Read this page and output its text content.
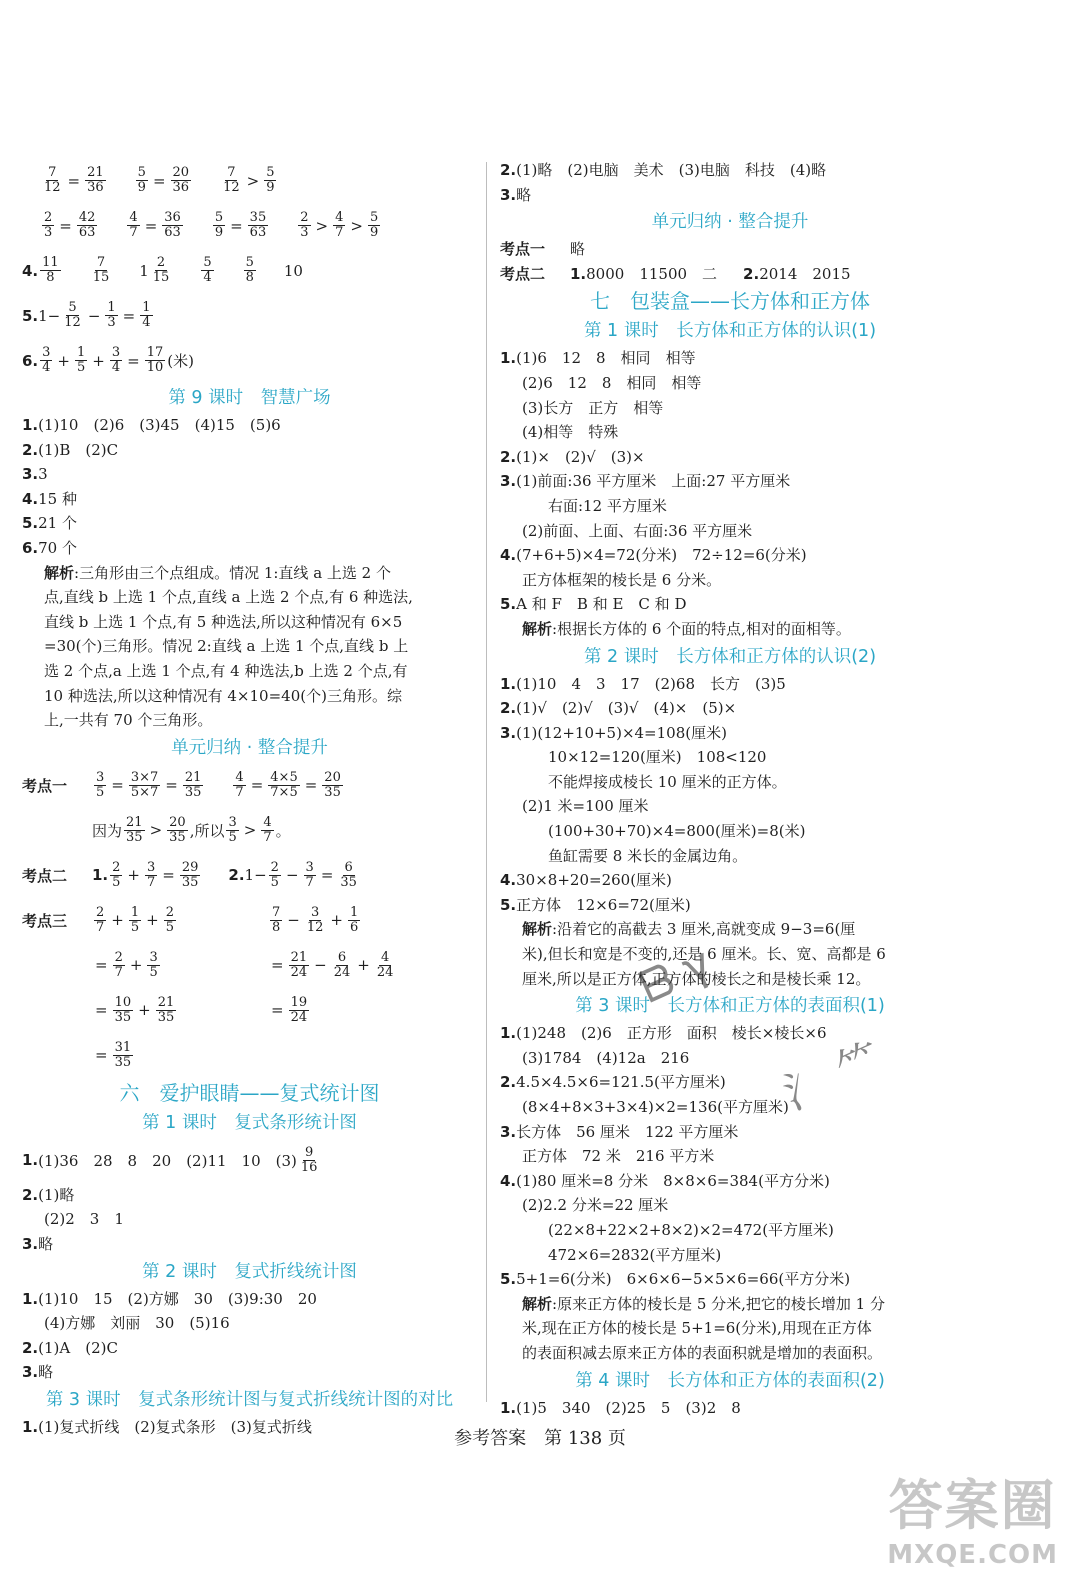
$\frac{7}{12} = \frac{21}{36} \frac{5}{9} = \frac{20}{36} \frac{7}{12} > \frac{5}{9}$
$\frac{2}{3} = \frac{42}{63} \frac{4}{7} = \frac{36}{63} \frac{5}{9} = \frac{35}{63} \frac{2}{3} > \frac{4}{7} > \frac{5}{9}$
4. $\frac{11}{8} \frac{7}{15} 1 \frac{2}{15} \frac{5}{4} \frac{5}{8} 10$
5. $1- \frac{5}{12} - \frac{1}{3} = \frac{1}{4}$
6. $\frac{3}{4} + \frac{1}{5} + \frac{3}{4} = \frac{17}{10}$ (米)
第 9 课时　智慧广场
1.(1)10　(2)6　(3)45　(4)15　(5)6
2.(1)B　(2)C
3.3
4.15 种
5.21 个
6.70 个
解析:三角形由三个点组成。情况 1:直线 a 上选 2 个
点,直线 b 上选 1 个点,直线 a 上选 2 个点,有 6 种选法,
直线 b 上选 1 个点,有 5 种选法,所以这种情况有 6×5
=30(个)三角形。情况 2:直线 a 上选 1 个点,直线 b 上
选 2 个点,a 上选 1 个点,有 4 种选法,b 上选 2 个点,有
10 种选法,所以这种情况有 4×10=40(个)三角形。综
上,一共有 70 个三角形。
单元归纳 · 整合提升
考点一	$\frac{3}{5} = \frac{3\times 7}{5\times 7} = \frac{21}{35} \frac{4}{7} = \frac{4\times 5}{7\times 5} = \frac{20}{35}$
因为 $\frac{21}{35} > \frac{20}{35}$ ,所以 $\frac{3}{5} > \frac{4}{7}$ 。
考点二	1. $\frac{2}{5} + \frac{3}{7} = \frac{29}{35} 2$. $1- \frac{2}{5} - \frac{3}{7} = \frac{6}{35}$
考点三	$\frac{2}{7} + \frac{1}{5} + \frac{2}{5}$	$\frac{7}{8} - \frac{3}{12} + \frac{1}{6}$
= $\frac{2}{7} + \frac{3}{5}$	= $\frac{21}{24} - \frac{6}{24} + \frac{4}{24}$
= $\frac{10}{35} + \frac{21}{35}$	= $\frac{19}{24}$
= $\frac{31}{35}$
六　爱护眼睛——复式统计图
第 1 课时　复式条形统计图
1. (1)36　28　8　20　(2)11　10　$(3) \frac{9}{16}$
2.(1)略
(2)2　3　1
3.略
第 2 课时　复式折线统计图
1.(1)10　15　(2)方娜　30　(3)9:30　20
(4)方娜　刘丽　30　(5)16
2.(1)A　(2)C
3.略
第 3 课时　复式条形统计图与复式折线统计图的对比
1.(1)复式折线　(2)复式条形　(3)复式折线
2.(1)略　(2)电脑　美术　(3)电脑　科技　(4)略
3.略
单元归纳 · 整合提升
考点一 略
考点二 1.8000　11500　二 2.2014　2015
七　包装盒——长方体和正方体
第 1 课时　长方体和正方体的认识(1)
1.(1)6　12　8　相同　相等
(2)6　12　8　相同　相等
(3)长方　正方　相等
(4)相等　特殊
2.(1)×　(2)√　(3)×
3.(1)前面:36 平方厘米　上面:27 平方厘米
右面:12 平方厘米
(2)前面、上面、右面:36 平方厘米
4.(7+6+5)×4=72(分米)　72÷12=6(分米)
正方体框架的棱长是 6 分米。
5.A 和 F　B 和 E　C 和 D
解析:根据长方体的 6 个面的特点,相对的面相等。
第 2 课时　长方体和正方体的认识(2)
1.(1)10　4　3　17　(2)68　长方　(3)5
2.(1)√　(2)√　(3)√　(4)×　(5)×
3.(1)(12+10+5)×4=108(厘米)
10×12=120(厘米)　108<120
不能焊接成棱长 10 厘米的正方体。
(2)1 米=100 厘米
(100+30+70)×4=800(厘米)=8(米)
鱼缸需要 8 米长的金属边角。
4.30×8+20=260(厘米)
5.正方体　12×6=72(厘米)
解析:沿着它的高截去 3 厘米,高就变成 9−3=6(厘
米),但长和宽是不变的,还是 6 厘米。长、宽、高都是 6
厘米,所以是正方体,正方体的棱长之和是棱长乘 12。
第 3 课时　长方体和正方体的表面积(1)
1.(1)248　(2)6　正方形　面积　棱长×棱长×6
(3)1784　(4)12a　216
2.4.5×4.5×6=121.5(平方厘米)
(8×4+8×3+3×4)×2=136(平方厘米)
3.长方体　56 厘米　122 平方厘米
正方体　72 米　216 平方米
4.(1)80 厘米=8 分米　8×8×6=384(平方分米)
(2)2.2 分米=22 厘米
(22×8+22×2+8×2)×2=472(平方厘米)
472×6=2832(平方厘米)
5.5+1=6(分米)　6×6×6−5×5×6=66(平方分米)
解析:原来正方体的棱长是 5 分米,把它的棱长增加 1 分
米,现在正方体的棱长是 5+1=6(分米),用现在正方体
的表面积减去原来正方体的表面积就是增加的表面积。
第 4 课时　长方体和正方体的表面积(2)
1.(1)5　340　(2)25　5　(3)2　8
参考答案　第 138 页
ᗷ γ
⺡ ⺮
答案圈
MXQE.COM
